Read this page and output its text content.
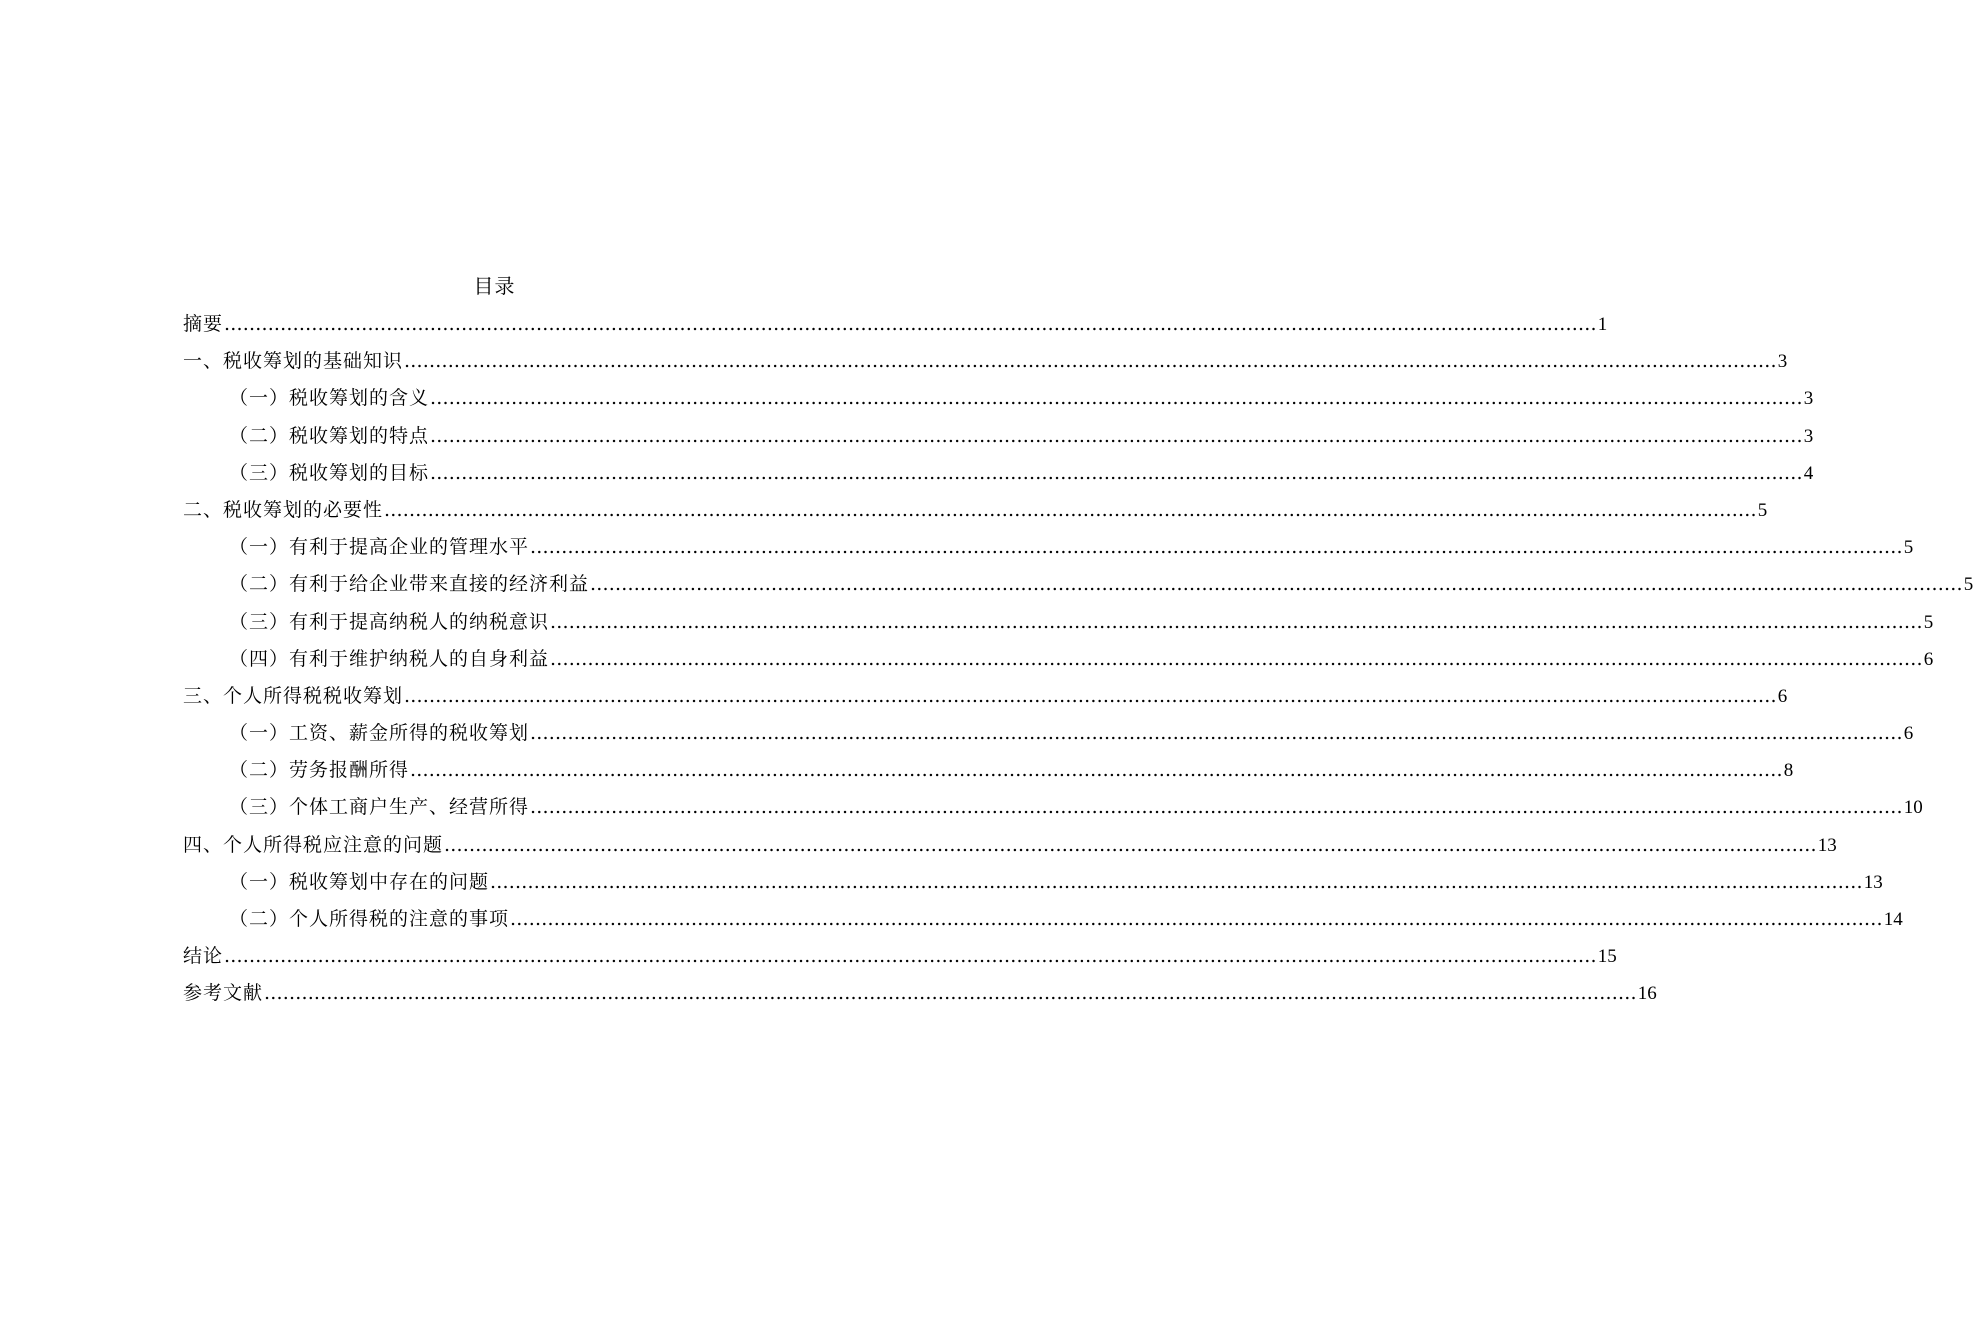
目录
摘要 ............................................................................................................................................................................................................................ 1
一、税收筹划的基础知识 ............................................................................................................................................................................................................................ 3
（一）税收筹划的含义 ............................................................................................................................................................................................................................ 3
（二）税收筹划的特点 ............................................................................................................................................................................................................................ 3
（三）税收筹划的目标 ............................................................................................................................................................................................................................ 4
二、税收筹划的必要性 ............................................................................................................................................................................................................................ 5
（一）有利于提高企业的管理水平 ............................................................................................................................................................................................................................ 5
（二）有利于给企业带来直接的经济利益 ............................................................................................................................................................................................................................ 5
（三）有利于提高纳税人的纳税意识 ............................................................................................................................................................................................................................ 5
（四）有利于维护纳税人的自身利益 ............................................................................................................................................................................................................................ 6
三、个人所得税税收筹划 ............................................................................................................................................................................................................................ 6
（一）工资、薪金所得的税收筹划 ............................................................................................................................................................................................................................ 6
（二）劳务报酬所得 ............................................................................................................................................................................................................................ 8
（三）个体工商户生产、经营所得 ............................................................................................................................................................................................................................ 10
四、个人所得税应注意的问题 ............................................................................................................................................................................................................................ 13
（一）税收筹划中存在的问题 ............................................................................................................................................................................................................................ 13
（二）个人所得税的注意的事项 ............................................................................................................................................................................................................................ 14
结论 ............................................................................................................................................................................................................................ 15
参考文献 ............................................................................................................................................................................................................................ 16
